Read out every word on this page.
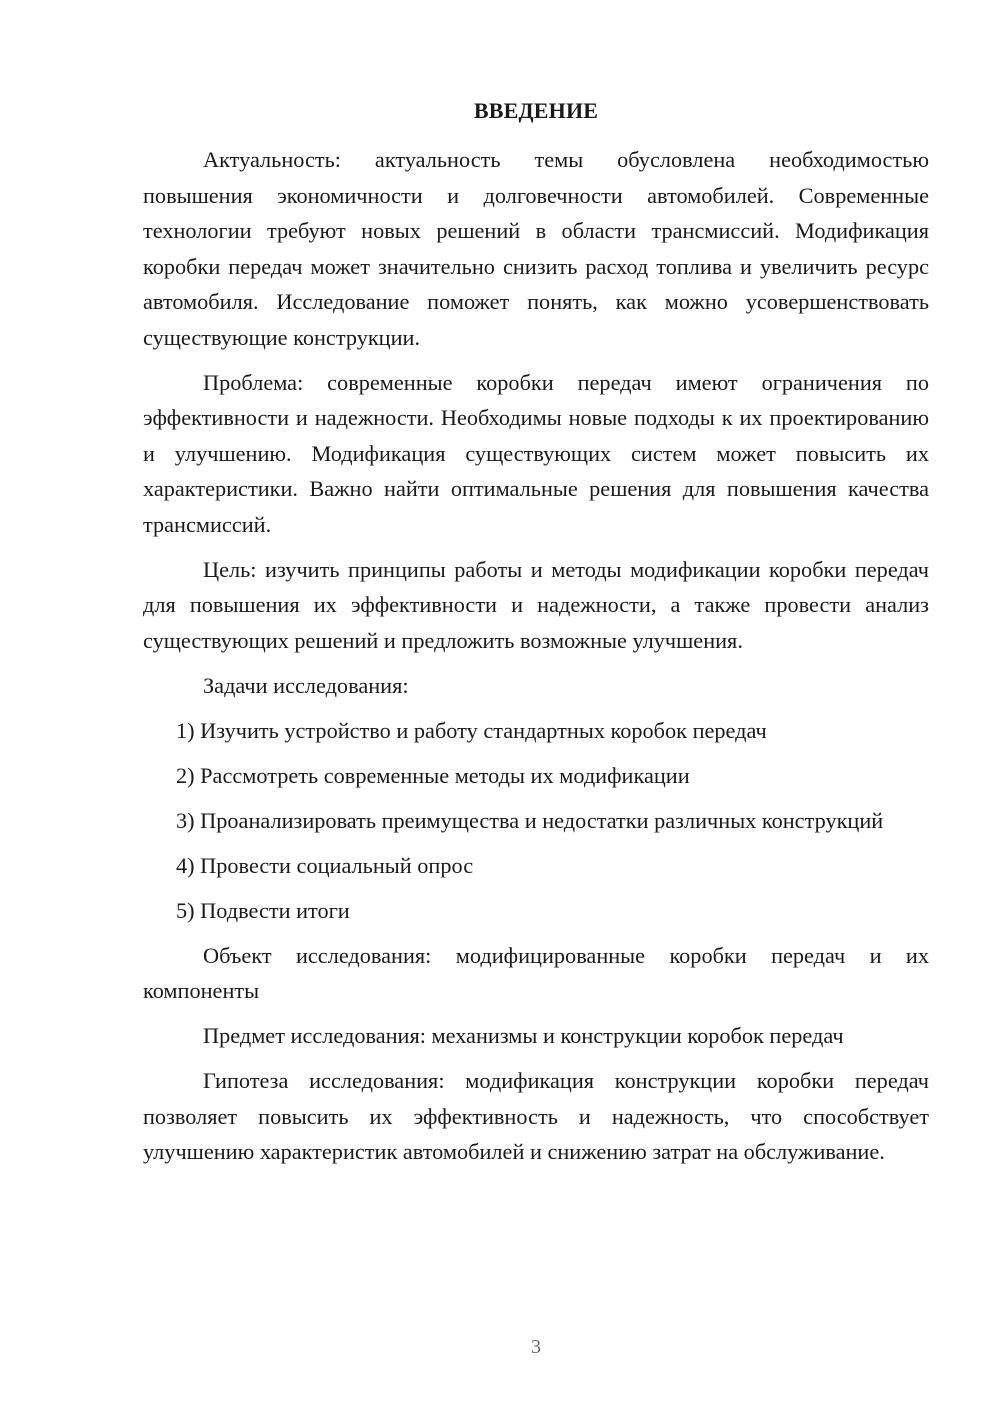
ВВЕДЕНИЕ

Актуальность: актуальность темы обусловлена необходимостью повышения экономичности и долговечности автомобилей. Современные технологии требуют новых решений в области трансмиссий. Модификация коробки передач может значительно снизить расход топлива и увеличить ресурс автомобиля. Исследование поможет понять, как можно усовершенствовать существующие конструкции.

Проблема: современные коробки передач имеют ограничения по эффективности и надежности. Необходимы новые подходы к их проектированию и улучшению. Модификация существующих систем может повысить их характеристики. Важно найти оптимальные решения для повышения качества трансмиссий.

Цель: изучить принципы работы и методы модификации коробки передач для повышения их эффективности и надежности, а также провести анализ существующих решений и предложить возможные улучшения.

Задачи исследования:

1) Изучить устройство и работу стандартных коробок передач

2) Рассмотреть современные методы их модификации

3) Проанализировать преимущества и недостатки различных конструкций

4) Провести социальный опрос

5) Подвести итоги

Объект исследования: модифицированные коробки передач и их компоненты

Предмет исследования: механизмы и конструкции коробок передач

Гипотеза исследования: модификация конструкции коробки передач позволяет повысить их эффективность и надежность, что способствует улучшению характеристик автомобилей и снижению затрат на обслуживание.

3
